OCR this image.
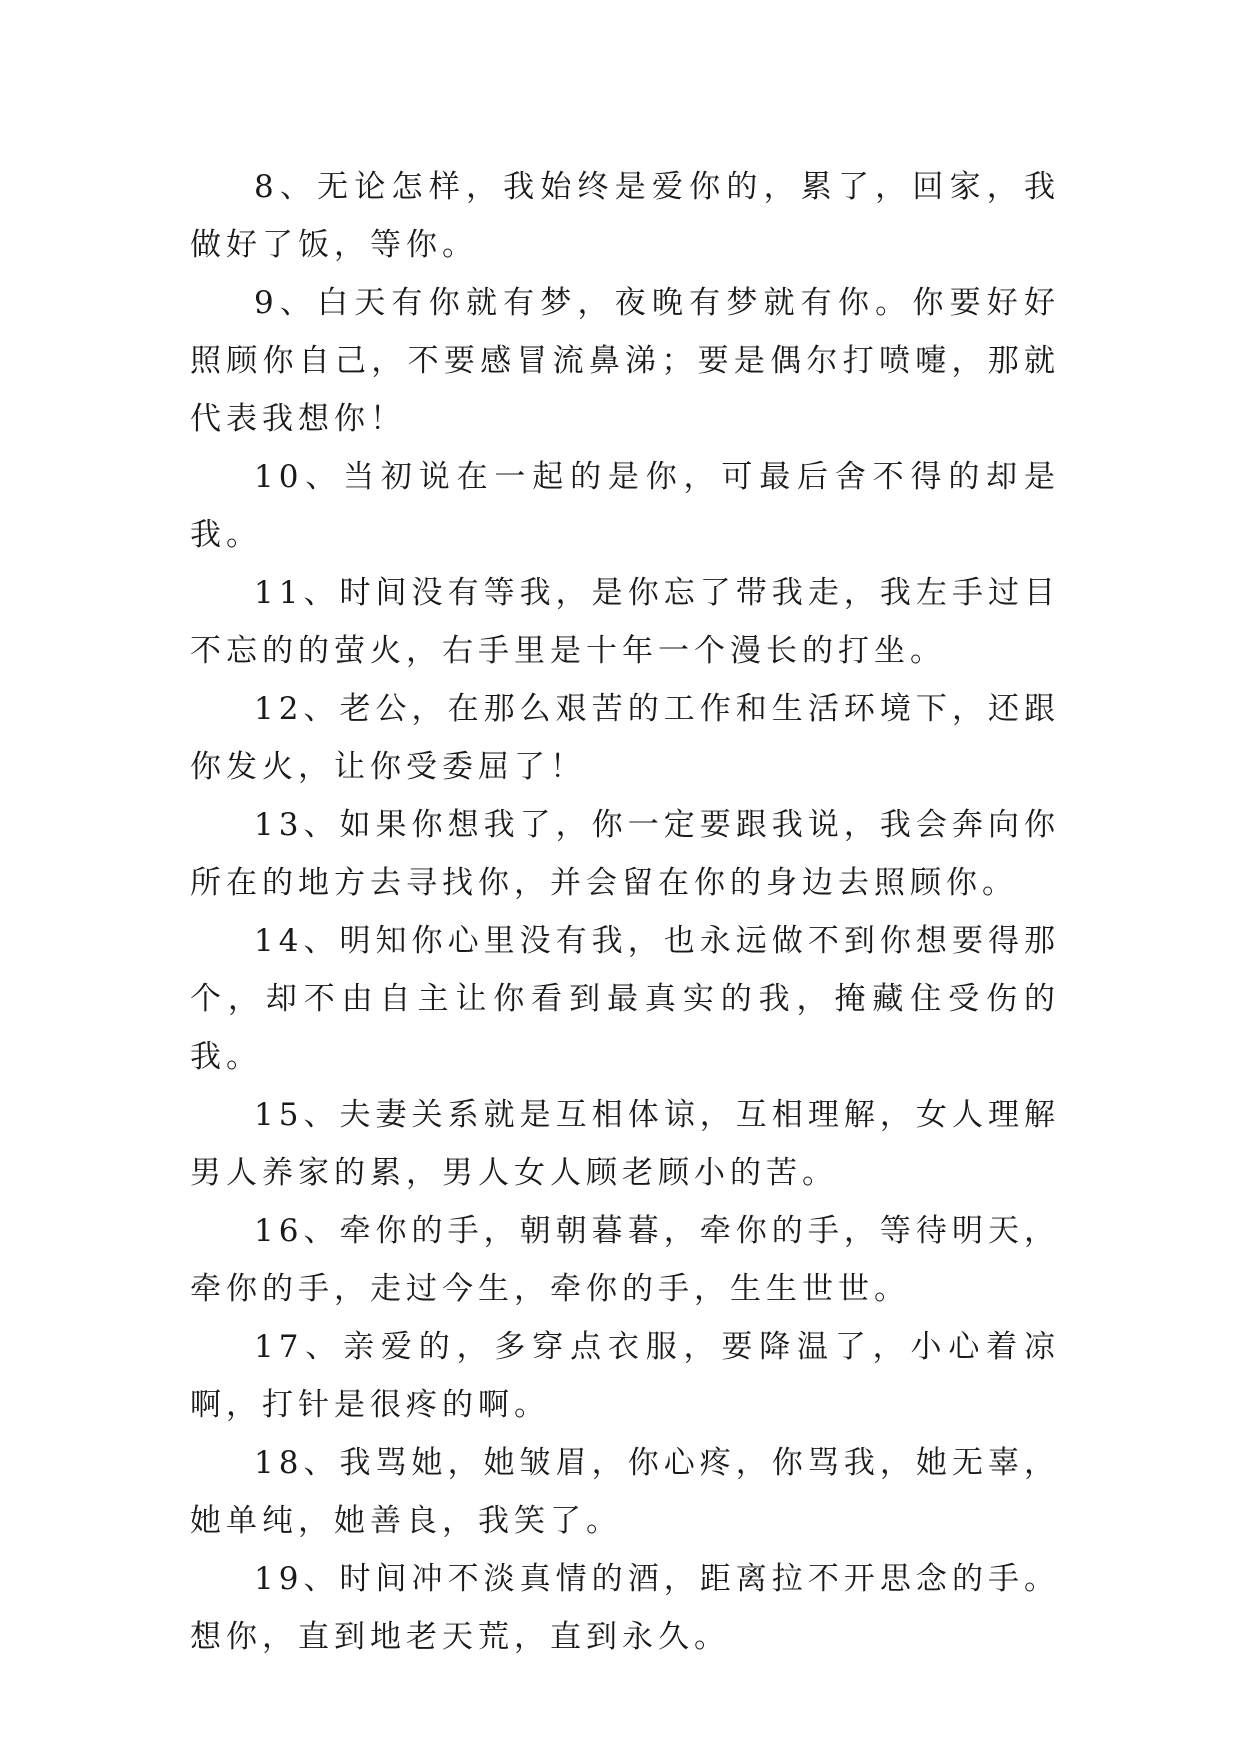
8、无论怎样，我始终是爱你的，累了，回家，我做好了饭，等你。

9、白天有你就有梦，夜晚有梦就有你。你要好好照顾你自己，不要感冒流鼻涕；要是偶尔打喷嚏，那就代表我想你！

10、当初说在一起的是你，可最后舍不得的却是我。

11、时间没有等我，是你忘了带我走，我左手过目不忘的的萤火，右手里是十年一个漫长的打坐。

12、老公，在那么艰苦的工作和生活环境下，还跟你发火，让你受委屈了！

13、如果你想我了，你一定要跟我说，我会奔向你所在的地方去寻找你，并会留在你的身边去照顾你。

14、明知你心里没有我，也永远做不到你想要得那个，却不由自主让你看到最真实的我，掩藏住受伤的我。

15、夫妻关系就是互相体谅，互相理解，女人理解男人养家的累，男人女人顾老顾小的苦。

16、牵你的手，朝朝暮暮，牵你的手，等待明天，牵你的手，走过今生，牵你的手，生生世世。

17、亲爱的，多穿点衣服，要降温了，小心着凉啊，打针是很疼的啊。

18、我骂她，她皱眉，你心疼，你骂我，她无辜，她单纯，她善良，我笑了。

19、时间冲不淡真情的酒，距离拉不开思念的手。想你，直到地老天荒，直到永久。
